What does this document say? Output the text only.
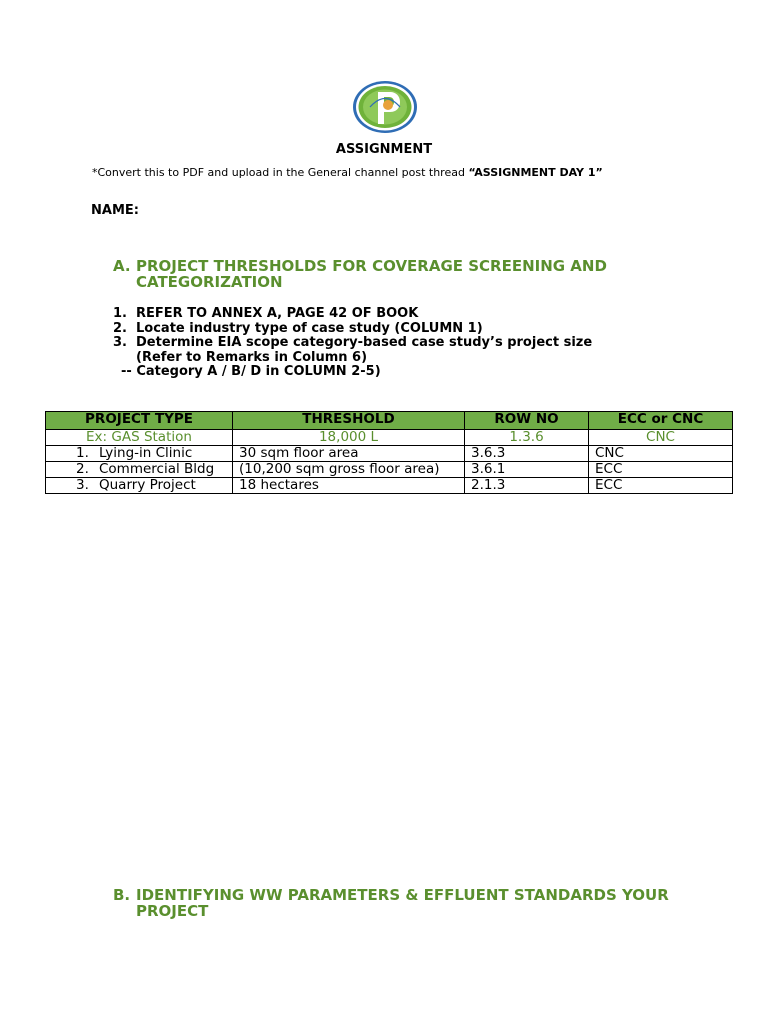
ASSIGNMENT
*Convert this to PDF and upload in the General channel post thread “ASSIGNMENT DAY 1”
NAME:
A. PROJECT THRESHOLDS FOR COVERAGE SCREENING AND CATEGORIZATION
1. REFER TO ANNEX A, PAGE 42 OF BOOK
2. Locate industry type of case study (COLUMN 1)
3. Determine EIA scope category-based case study’s project size
(Refer to Remarks in Column 6)
-- Category A / B/ D in COLUMN 2-5)
PROJECT TYPE	THRESHOLD	ROW NO	ECC or CNC
Ex: GAS Station	18,000 L	1.3.6	CNC

1. Lying-in Clinic	30 sqm floor area	3.6.3	CNC

2. Commercial Bldg	(10,200 sqm gross floor area)	3.6.1	ECC

3. Quarry Project	18 hectares	2.1.3	ECC
B. IDENTIFYING WW PARAMETERS & EFFLUENT STANDARDS YOUR PROJECT
